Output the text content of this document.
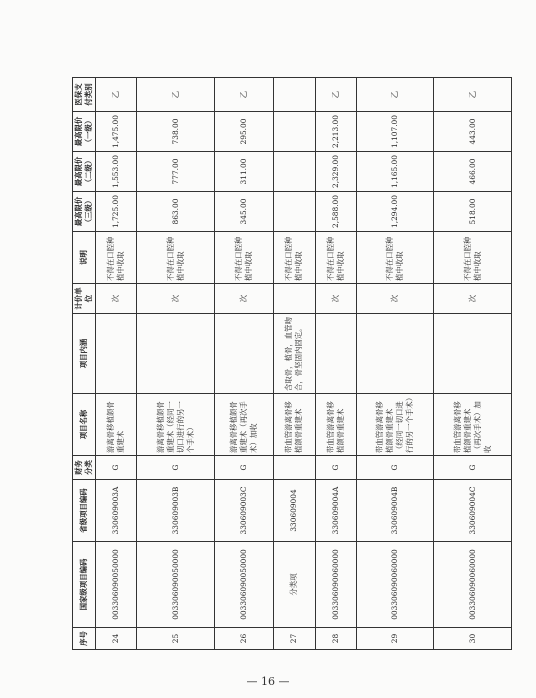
序号	国家级项目编码	省级项目编码	财务分类	项目名称	项目内涵	计价单位	说明	最高限价（三级）	最高限价（二级）	最高限价（一级）	医保支付类别
24	003306090050000	330609003A	G	游离骨移植颌骨重建术		次	不得在口腔种植中收取	1,725.00	1,553.00	1,475.00	乙
25	003306090050000	330609003B	G	游离骨移植颌骨重建术（经同一切口进行的另一个手术）		次	不得在口腔种植中收取	863.00	777.00	738.00	乙
26	003306090050000	330609003C	G	游离骨移植颌骨重建术（再次手术）加收		次	不得在口腔种植中收取	345.00	311.00	295.00	乙
27	分类项	330609004		带血管游离骨移植颌骨重建术	含取骨，植骨，血管吻合，骨坚固内固定。		不得在口腔种植中收取				
28	003306090060000	330609004A	G	带血管游离骨移植颌骨重建术		次	不得在口腔种植中收取	2,588.00	2,329.00	2,213.00	乙
29	003306090060000	330609004B	G	带血管游离骨移植颌骨重建术（经同一切口进行的另一个手术）		次	不得在口腔种植中收取	1,294.00	1,165.00	1,107.00	乙
30	003306090060000	330609004C	G	带血管游离骨移植颌骨重建术（再次手术）加收		次	不得在口腔种植中收取	518.00	466.00	443.00	乙
— 16 —
